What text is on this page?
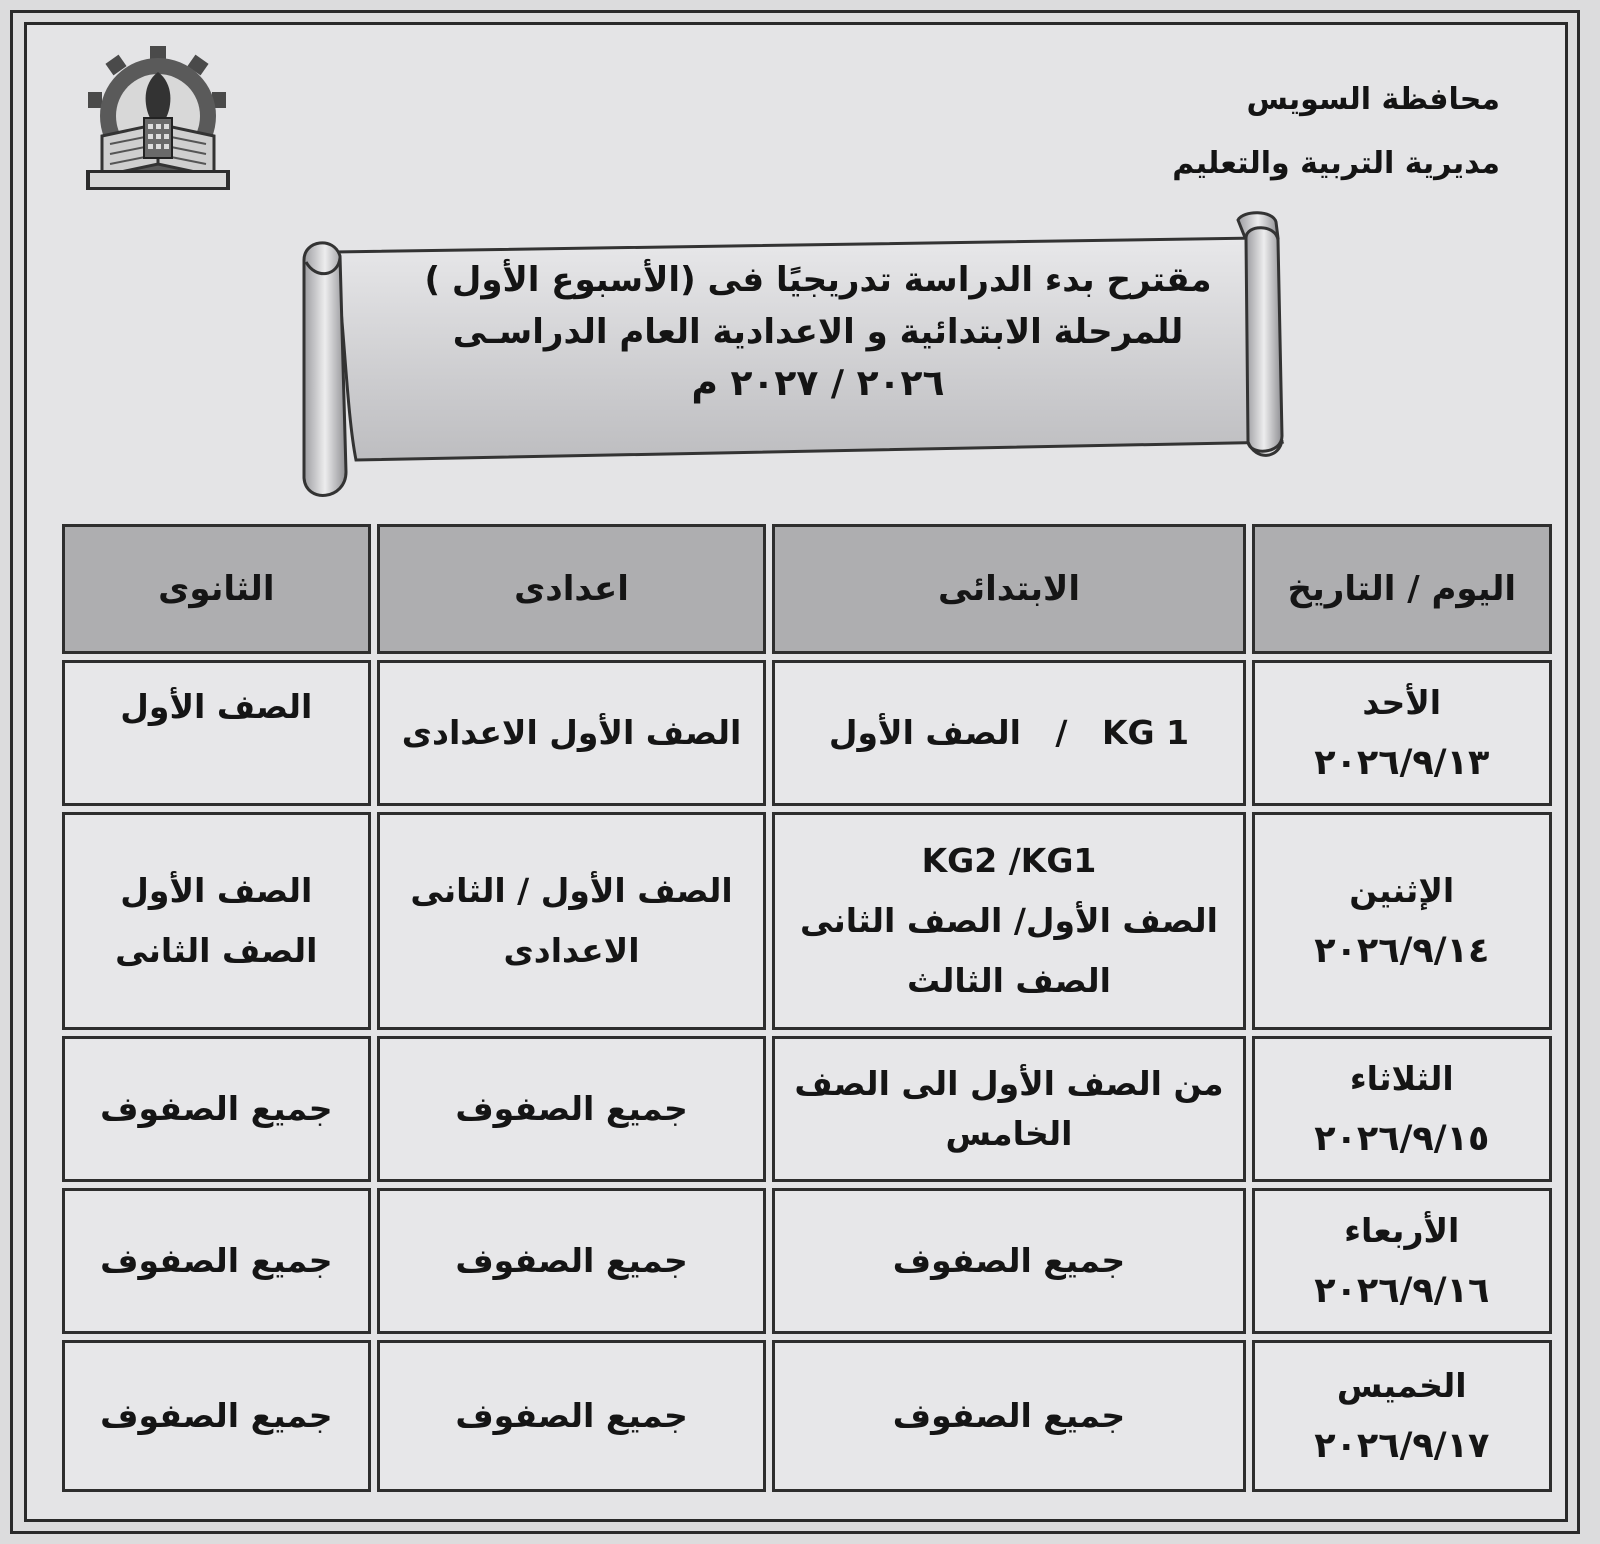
محافظة السويس
مديرية التربية والتعليم
مقترح بدء الدراسة تدريجيًا فى (الأسبوع الأول )
للمرحلة الابتدائية و الاعدادية العام الدراسـى
٢٠٢٦ / ٢٠٢٧ م
اليوم / التاريخ	الابتدائى	اعدادى	الثانوى

الأحد
٢٠٢٦/٩/١٣	KG 1   /   الصف الأول	الصف الأول الاعدادى	الصف الأول

الإثنين
٢٠٢٦/٩/١٤	KG2 /KG1
الصف الأول/ الصف الثانى
الصف الثالث	الصف الأول / الثانى
الاعدادى	الصف الأول
الصف الثانى

الثلاثاء
٢٠٢٦/٩/١٥	من الصف الأول الى الصف
الخامس	جميع الصفوف	جميع الصفوف

الأربعاء
٢٠٢٦/٩/١٦	جميع الصفوف	جميع الصفوف	جميع الصفوف

الخميس
٢٠٢٦/٩/١٧	جميع الصفوف	جميع الصفوف	جميع الصفوف
